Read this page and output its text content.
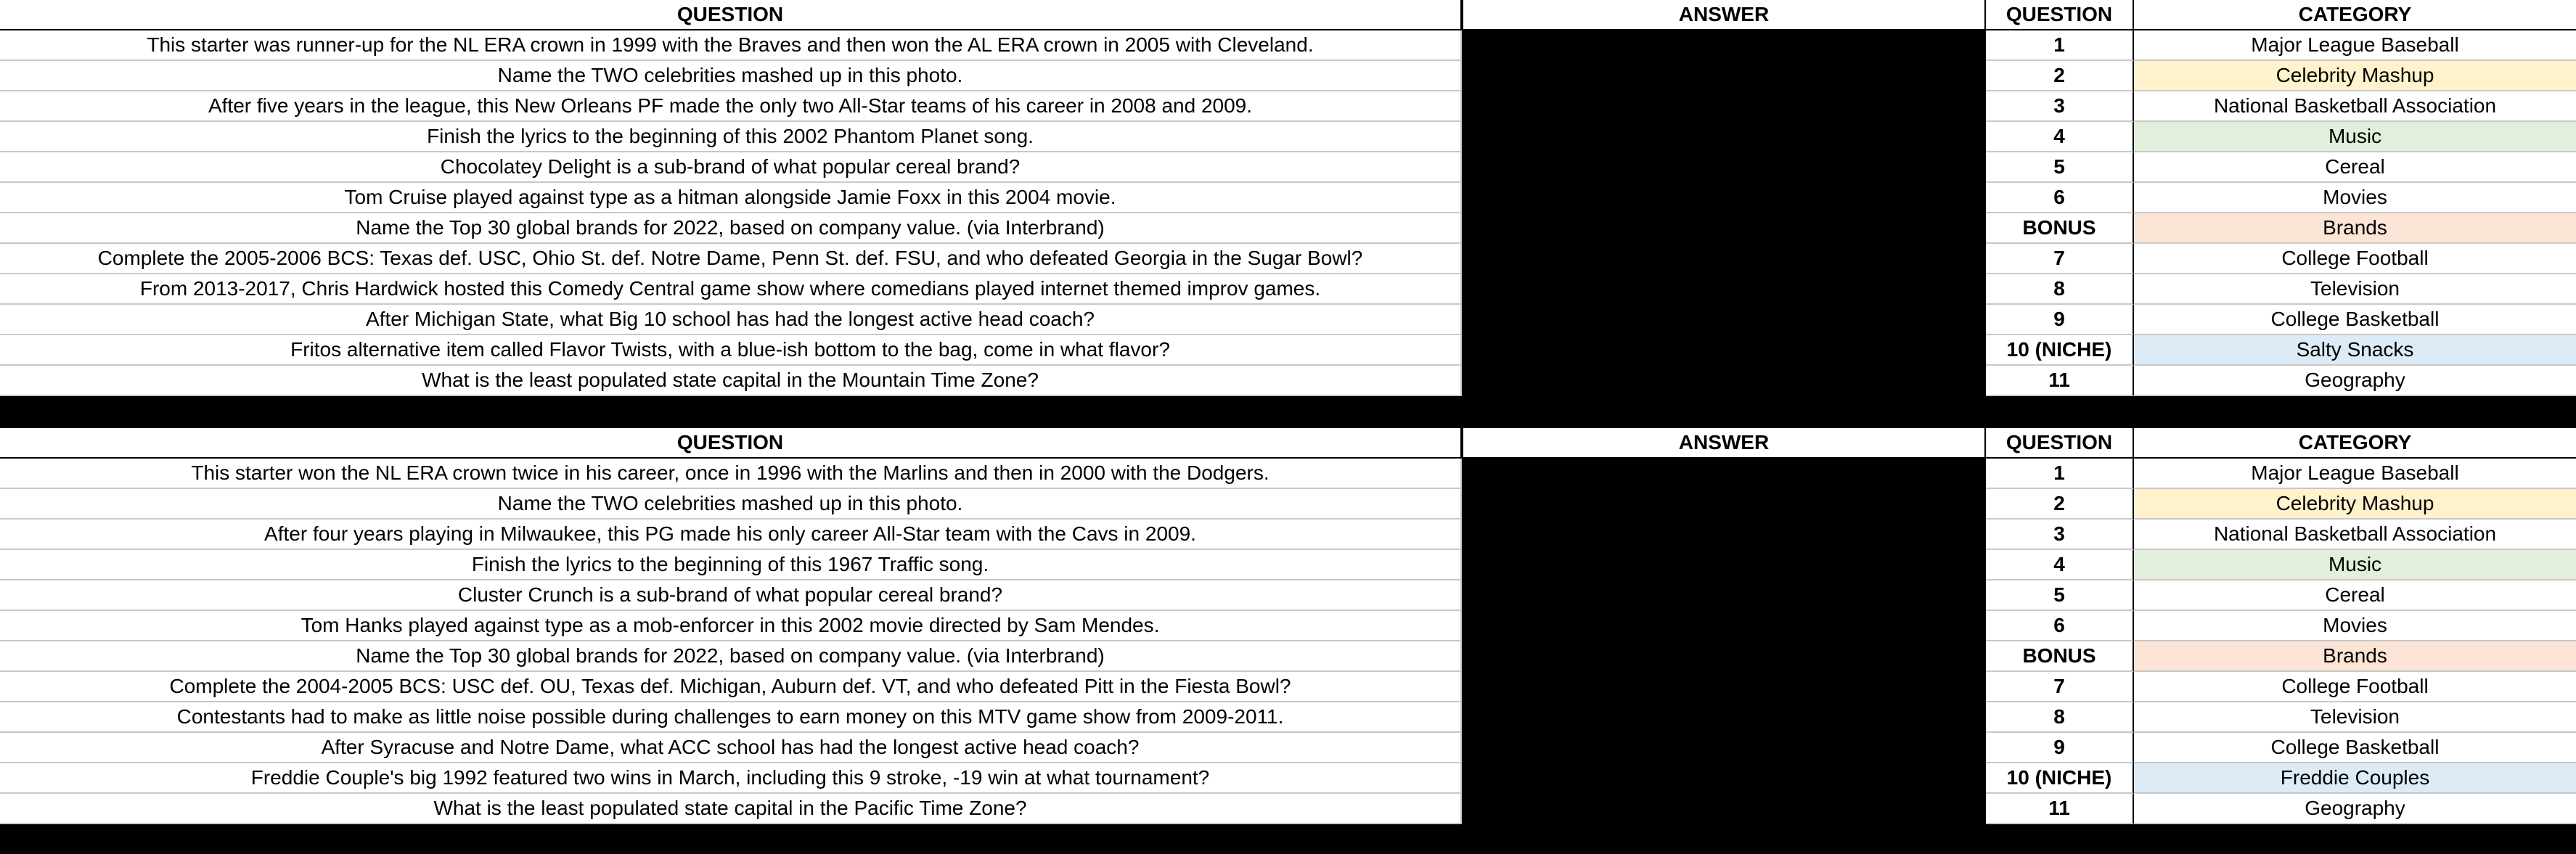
QUESTION	ANSWER	QUESTION	CATEGORY
This starter was runner-up for the NL ERA crown in 1999 with the Braves and then won the AL ERA crown in 2005 with Cleveland.	1	Major League Baseball
Name the TWO celebrities mashed up in this photo.	2	Celebrity Mashup
After five years in the league, this New Orleans PF made the only two All-Star teams of his career in 2008 and 2009.	3	National Basketball Association
Finish the lyrics to the beginning of this 2002 Phantom Planet song.	4	Music
Chocolatey Delight is a sub-brand of what popular cereal brand?	5	Cereal
Tom Cruise played against type as a hitman alongside Jamie Foxx in this 2004 movie.	6	Movies
Name the Top 30 global brands for 2022, based on company value. (via Interbrand)	BONUS	Brands
Complete the 2005-2006 BCS: Texas def. USC, Ohio St. def. Notre Dame, Penn St. def. FSU, and who defeated Georgia in the Sugar Bowl?	7	College Football
From 2013-2017, Chris Hardwick hosted this Comedy Central game show where comedians played internet themed improv games.	8	Television
After Michigan State, what Big 10 school has had the longest active head coach?	9	College Basketball
Fritos alternative item called Flavor Twists, with a blue-ish bottom to the bag, come in what flavor?	10 (NICHE)	Salty Snacks
What is the least populated state capital in the Mountain Time Zone?	11	Geography
QUESTION	ANSWER	QUESTION	CATEGORY
This starter won the NL ERA crown twice in his career, once in 1996 with the Marlins and then in 2000 with the Dodgers.	1	Major League Baseball
Name the TWO celebrities mashed up in this photo.	2	Celebrity Mashup
After four years playing in Milwaukee, this PG made his only career All-Star team with the Cavs in 2009.	3	National Basketball Association
Finish the lyrics to the beginning of this 1967 Traffic song.	4	Music
Cluster Crunch is a sub-brand of what popular cereal brand?	5	Cereal
Tom Hanks played against type as a mob-enforcer in this 2002 movie directed by Sam Mendes.	6	Movies
Name the Top 30 global brands for 2022, based on company value. (via Interbrand)	BONUS	Brands
Complete the 2004-2005 BCS: USC def. OU, Texas def. Michigan, Auburn def. VT, and who defeated Pitt in the Fiesta Bowl?	7	College Football
Contestants had to make as little noise possible during challenges to earn money on this MTV game show from 2009-2011.	8	Television
After Syracuse and Notre Dame, what ACC school has had the longest active head coach?	9	College Basketball
Freddie Couple's big 1992 featured two wins in March, including this 9 stroke, -19 win at what tournament?	10 (NICHE)	Freddie Couples
What is the least populated state capital in the Pacific Time Zone?	11	Geography
